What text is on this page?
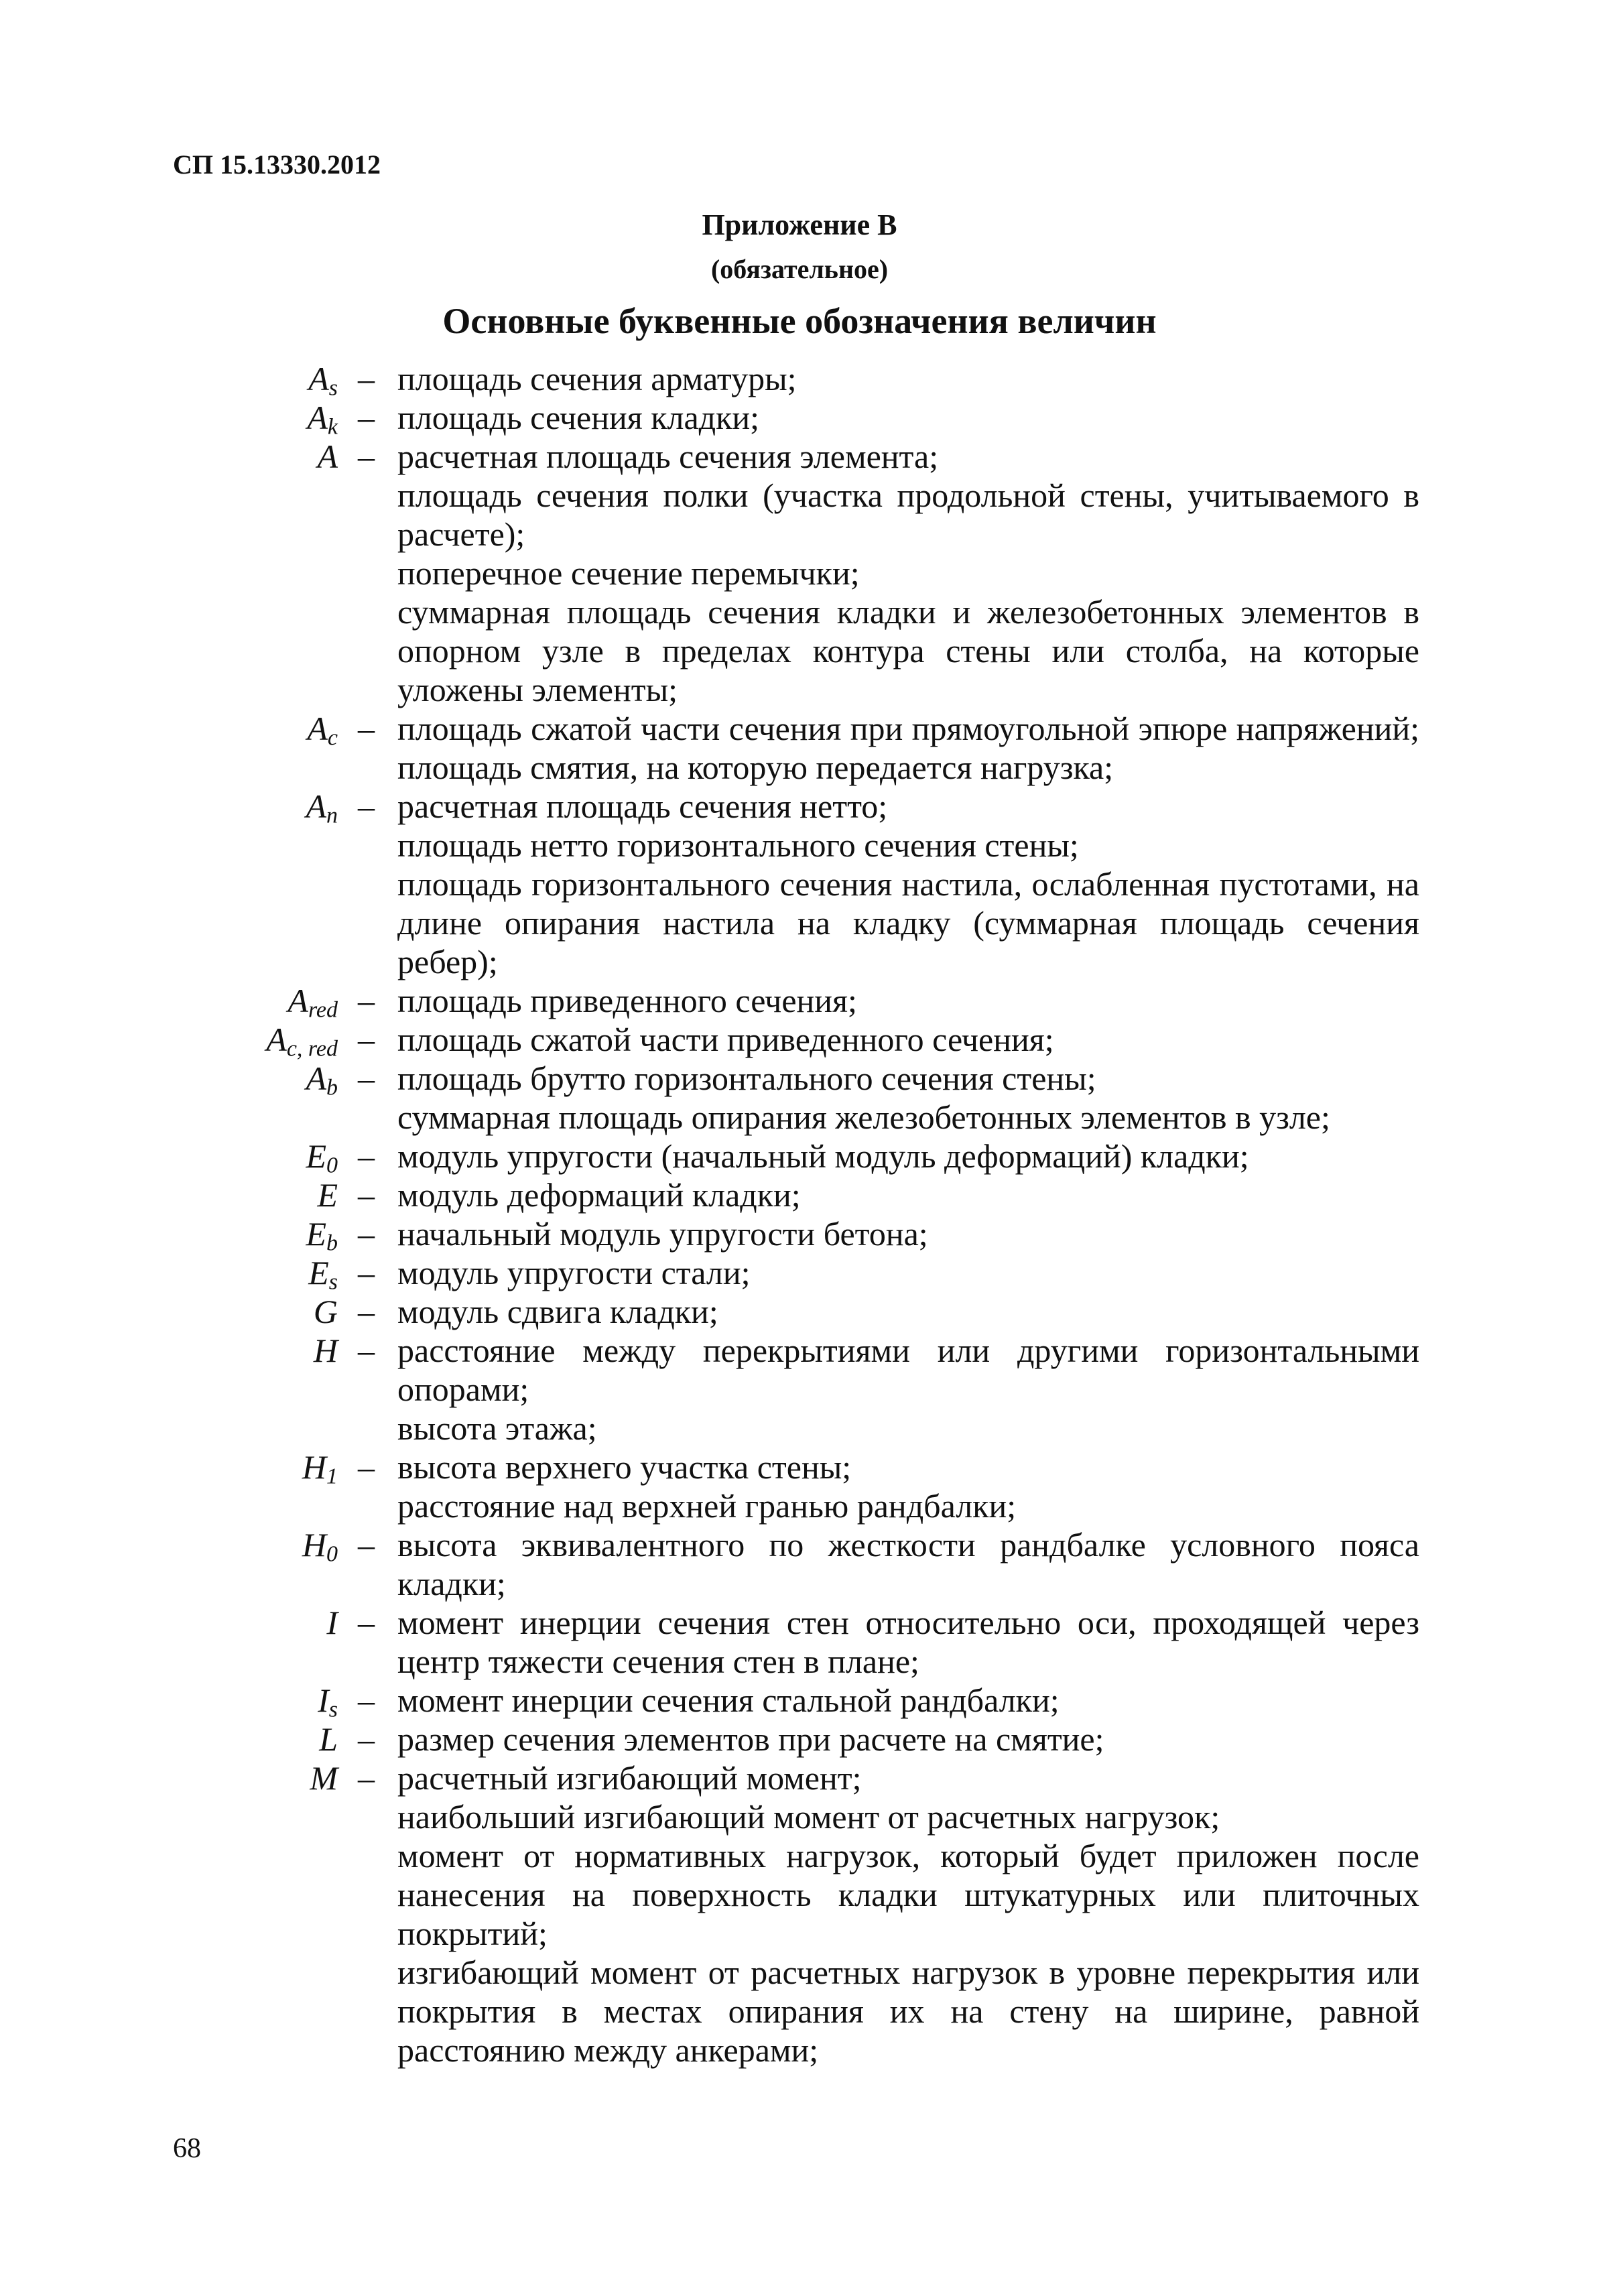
СП 15.13330.2012
Приложение В
(обязательное)
Основные буквенные обозначения величин
$A_s$ – площадь сечения арматуры;

$A_k$ – площадь сечения кладки;

A – расчетная площадь сечения элемента;

площадь сечения полки (участка продольной стены, учитываемого в расчете);

поперечное сечение перемычки;

суммарная площадь сечения кладки и железобетонных элементов в опорном узле в пределах контура стены или столба, на которые уложены элементы;

$A_c$ – площадь сжатой части сечения при прямоугольной эпюре напряжений; площадь смятия, на которую передается нагрузка;

$A_n$ – расчетная площадь сечения нетто;

площадь нетто горизонтального сечения стены;

площадь горизонтального сечения настила, ослабленная пустотами, на длине опирания настила на кладку (суммарная площадь сечения ребер);

$A_{red}$ – площадь приведенного сечения;

$A_{c, red}$ – площадь сжатой части приведенного сечения;

$A_b$ – площадь брутто горизонтального сечения стены;

суммарная площадь опирания железобетонных элементов в узле;

$E_0$ – модуль упругости (начальный модуль деформаций) кладки;

E – модуль деформаций кладки;

$E_b$ – начальный модуль упругости бетона;

$E_s$ – модуль упругости стали;

G – модуль сдвига кладки;

H – расстояние между перекрытиями или другими горизонтальными опорами;

высота этажа;

$H_1$ – высота верхнего участка стены;

расстояние над верхней гранью рандбалки;

$H_0$ – высота эквивалентного по жесткости рандбалке условного пояса кладки;

I – момент инерции сечения стен относительно оси, проходящей через центр тяжести сечения стен в плане;

$I_s$ – момент инерции сечения стальной рандбалки;

L – размер сечения элементов при расчете на смятие;

M – расчетный изгибающий момент;

наибольший изгибающий момент от расчетных нагрузок;

момент от нормативных нагрузок, который будет приложен после нанесения на поверхность кладки штукатурных или плиточных покрытий;

изгибающий момент от расчетных нагрузок в уровне перекрытия или покрытия в местах опирания их на стену на ширине, равной расстоянию между анкерами;

68
